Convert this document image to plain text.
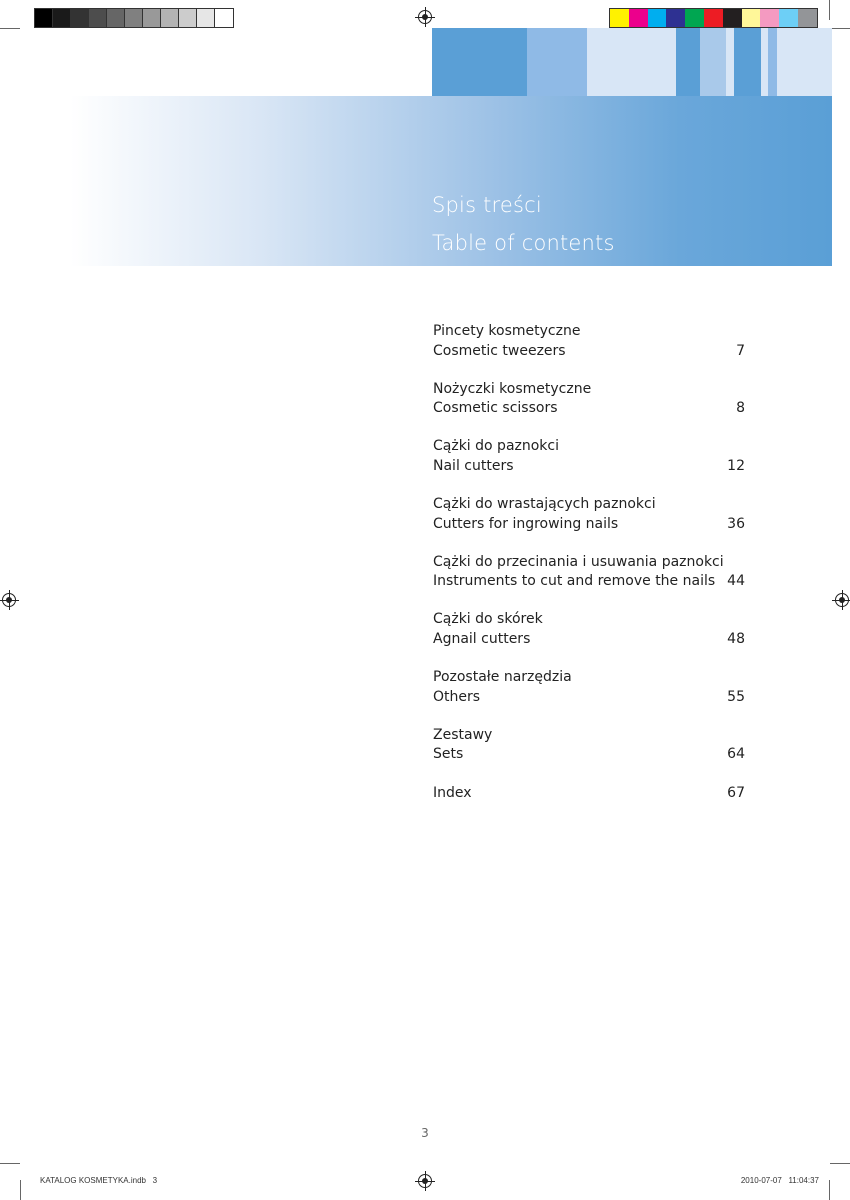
Spis treści
Table of contents
Pincety kosmetyczne
Cosmetic tweezers	7
Nożyczki kosmetyczne
Cosmetic scissors	8
Cążki do paznokci
Nail cutters	12
Cążki do wrastających paznokci
Cutters for ingrowing nails	36
Cążki do przecinania i usuwania paznokci
Instruments to cut and remove the nails 44
Cążki do skórek
Agnail cutters	48
Pozostałe narzędzia
Others	55
Zestawy
Sets	64
Index	67
3
KATALOG KOSMETYKA.indb   3	2010-07-07   11:04:37
